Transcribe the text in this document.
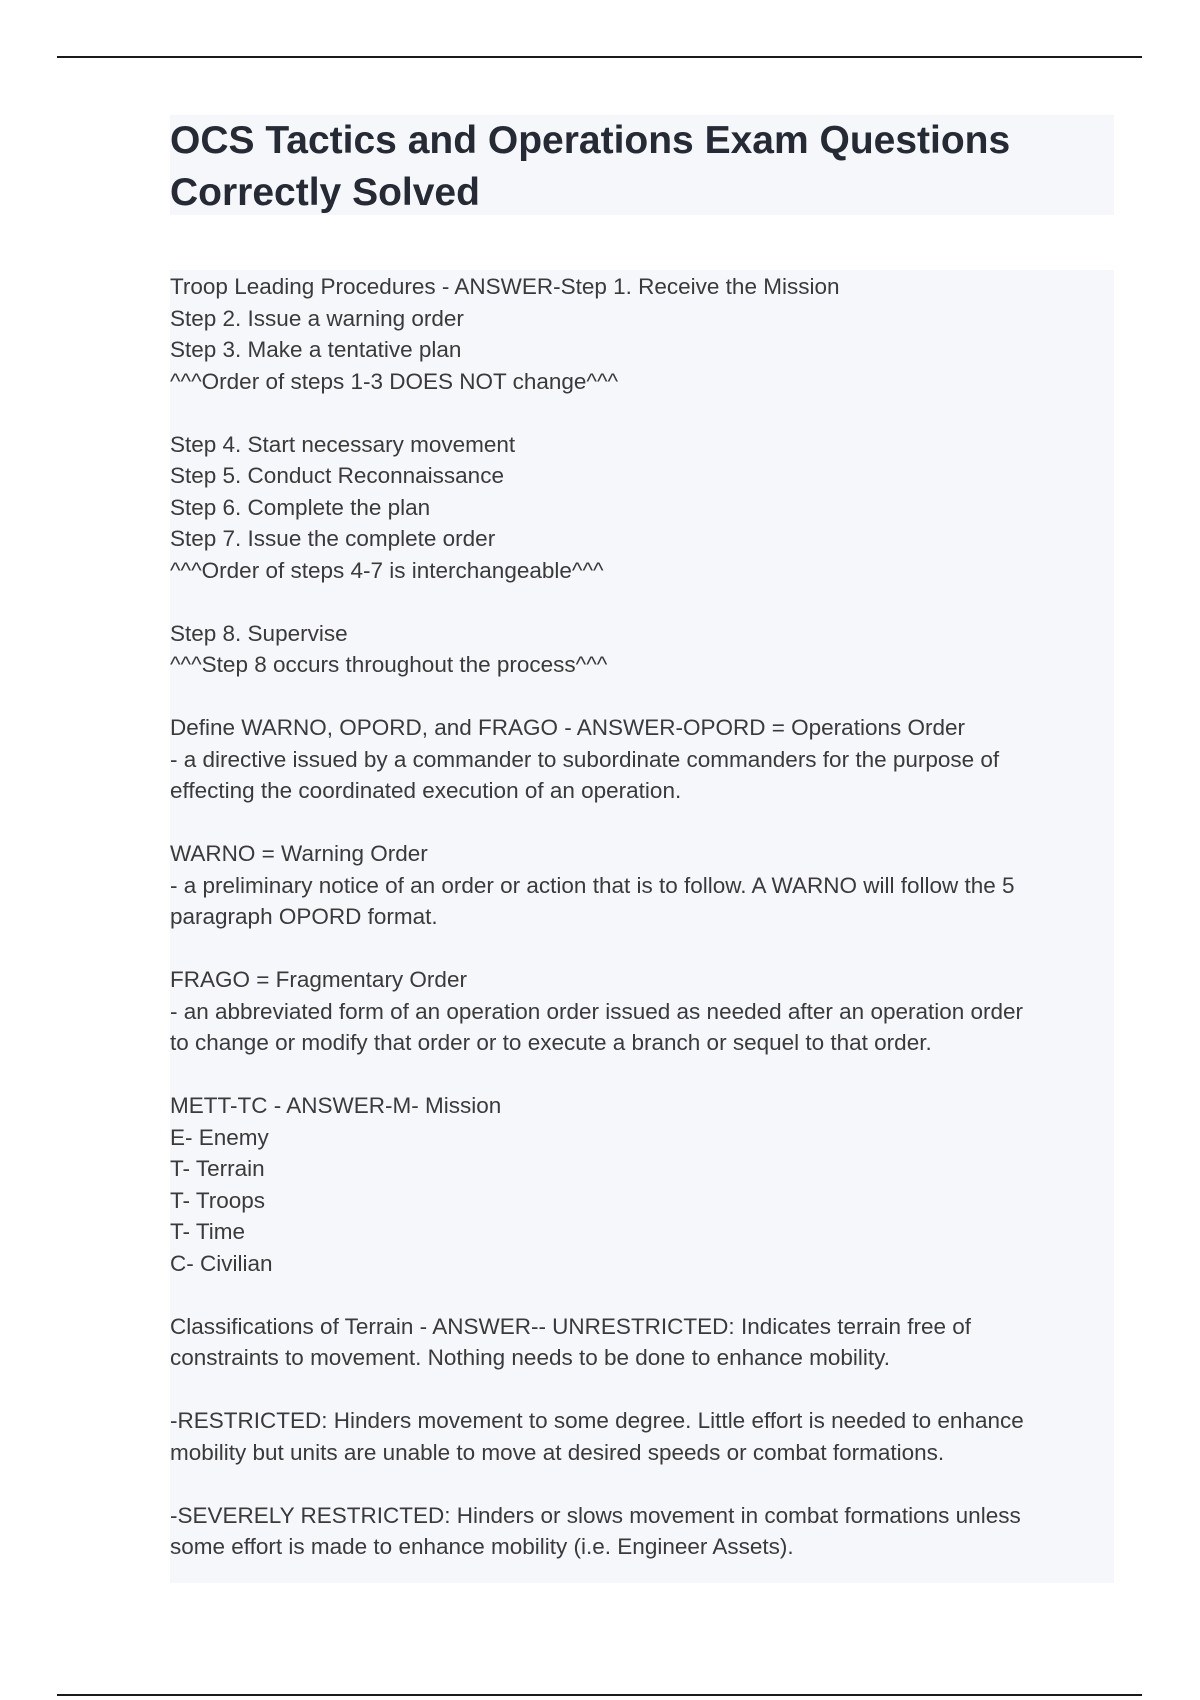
OCS Tactics and Operations Exam Questions
Correctly Solved
Troop Leading Procedures - ANSWER-Step 1. Receive the Mission
Step 2. Issue a warning order
Step 3. Make a tentative plan
^^^Order of steps 1-3 DOES NOT change^^^
Step 4. Start necessary movement
Step 5. Conduct Reconnaissance
Step 6. Complete the plan
Step 7. Issue the complete order
^^^Order of steps 4-7 is interchangeable^^^
Step 8. Supervise
^^^Step 8 occurs throughout the process^^^
Define WARNO, OPORD, and FRAGO - ANSWER-OPORD = Operations Order
- a directive issued by a commander to subordinate commanders for the purpose of
effecting the coordinated execution of an operation.
WARNO = Warning Order
- a preliminary notice of an order or action that is to follow. A WARNO will follow the 5
paragraph OPORD format.
FRAGO = Fragmentary Order
- an abbreviated form of an operation order issued as needed after an operation order
to change or modify that order or to execute a branch or sequel to that order.
METT-TC - ANSWER-M- Mission
E- Enemy
T- Terrain
T- Troops
T- Time
C- Civilian
Classifications of Terrain - ANSWER-- UNRESTRICTED: Indicates terrain free of
constraints to movement. Nothing needs to be done to enhance mobility.
-RESTRICTED: Hinders movement to some degree. Little effort is needed to enhance
mobility but units are unable to move at desired speeds or combat formations.
-SEVERELY RESTRICTED: Hinders or slows movement in combat formations unless
some effort is made to enhance mobility (i.e. Engineer Assets).
